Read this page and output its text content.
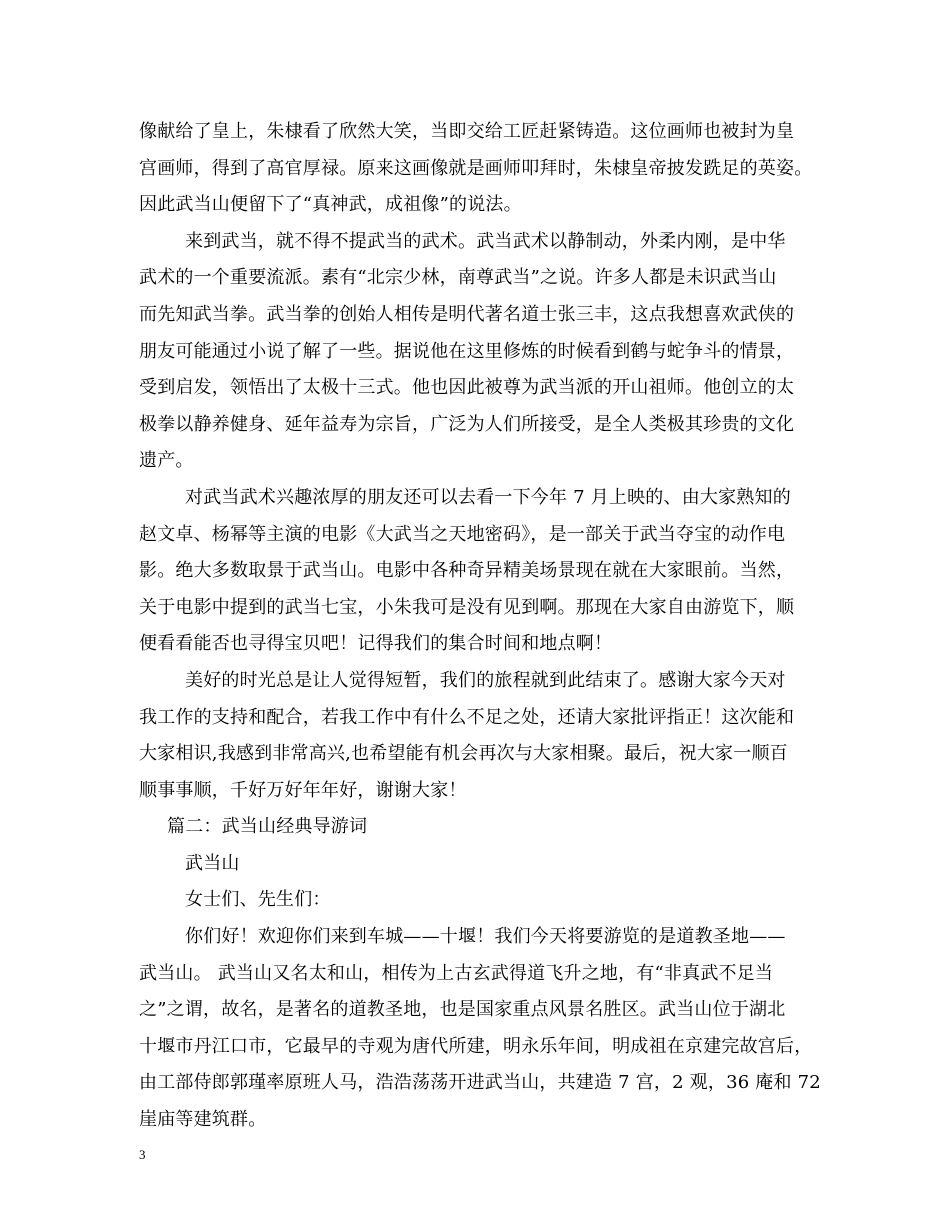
像献给了皇上，朱棣看了欣然大笑，当即交给工匠赶紧铸造。这位画师也被封为皇
宫画师，得到了高官厚禄。原来这画像就是画师叩拜时，朱棣皇帝披发跣足的英姿。
因此武当山便留下了“真神武，成祖像”的说法。

来到武当，就不得不提武当的武术。武当武术以静制动，外柔内刚，是中华
武术的一个重要流派。素有“北宗少林，南尊武当”之说。许多人都是未识武当山
而先知武当拳。武当拳的创始人相传是明代著名道士张三丰，这点我想喜欢武侠的
朋友可能通过小说了解了一些。据说他在这里修炼的时候看到鹤与蛇争斗的情景，
受到启发，领悟出了太极十三式。他也因此被尊为武当派的开山祖师。他创立的太
极拳以静养健身、延年益寿为宗旨，广泛为人们所接受，是全人类极其珍贵的文化
遗产。

对武当武术兴趣浓厚的朋友还可以去看一下今年 7 月上映的、由大家熟知的
赵文卓、杨幂等主演的电影《大武当之天地密码》，是一部关于武当夺宝的动作电
影。绝大多数取景于武当山。电影中各种奇异精美场景现在就在大家眼前。当然，
关于电影中提到的武当七宝，小朱我可是没有见到啊。那现在大家自由游览下，顺
便看看能否也寻得宝贝吧！记得我们的集合时间和地点啊！

美好的时光总是让人觉得短暂，我们的旅程就到此结束了。感谢大家今天对
我工作的支持和配合，若我工作中有什么不足之处，还请大家批评指正！这次能和
大家相识,我感到非常高兴,也希望能有机会再次与大家相聚。最后，祝大家一顺百
顺事事顺，千好万好年年好，谢谢大家！

篇二：武当山经典导游词
武当山
女士们、先生们：

你们好！欢迎你们来到车城——十堰！我们今天将要游览的是道教圣地——
武当山。 武当山又名太和山，相传为上古玄武得道飞升之地，有“非真武不足当
之”之谓，故名，是著名的道教圣地，也是国家重点风景名胜区。武当山位于湖北
十堰市丹江口市，它最早的寺观为唐代所建，明永乐年间，明成祖在京建完故宫后，
由工部侍郎郭瑾率原班人马，浩浩荡荡开进武当山，共建造 7 宫，2 观，36 庵和 72
崖庙等建筑群。

3
